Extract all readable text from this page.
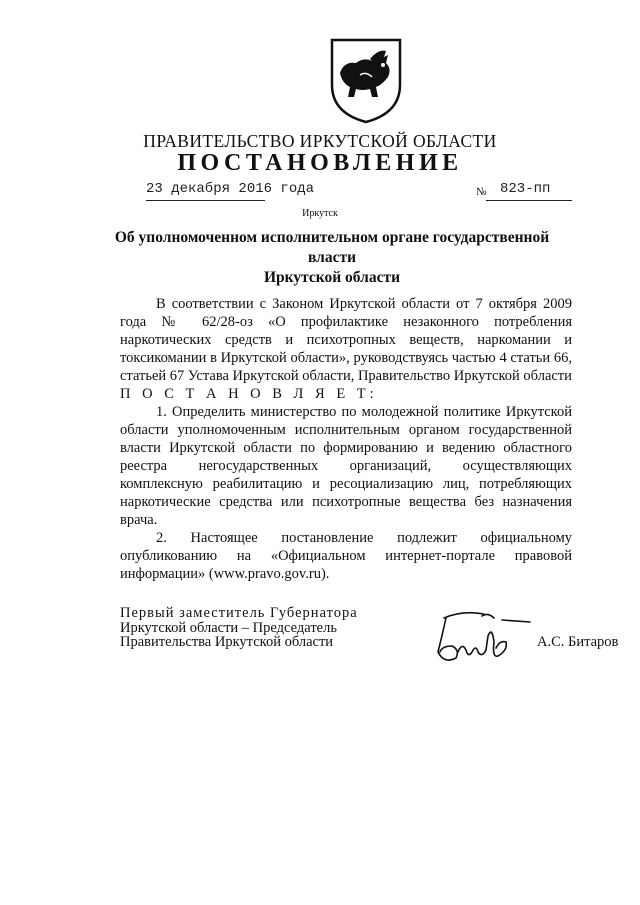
ПРАВИТЕЛЬСТВО ИРКУТСКОЙ ОБЛАСТИ
ПОСТАНОВЛЕНИЕ
23 декабря 2016 года	№ 823-пп
Иркутск
Об уполномоченном исполнительном органе государственной власти
Иркутской области

В соответствии с Законом Иркутской области от 7 октября 2009 года № 62/28-оз «О профилактике незаконного потребления наркотических средств и психотропных веществ, наркомании и токсикомании в Иркутской области», руководствуясь частью 4 статьи 66, статьей 67 Устава Иркутской области, Правительство Иркутской области

П О С Т А Н О В Л Я Е Т:

1. Определить министерство по молодежной политике Иркутской области уполномоченным исполнительным органом государственной власти Иркутской области по формированию и ведению областного реестра негосударственных организаций, осуществляющих комплексную реабилитацию и ресоциализацию лиц, потребляющих наркотические средства или психотропные вещества без назначения врача.

2. Настоящее постановление подлежит официальному опубликованию на «Официальном интернет-портале правовой информации» (www.pravo.gov.ru).

Первый заместитель Губернатора
Иркутской области – Председатель
Правительства Иркутской области	А.С. Битаров
